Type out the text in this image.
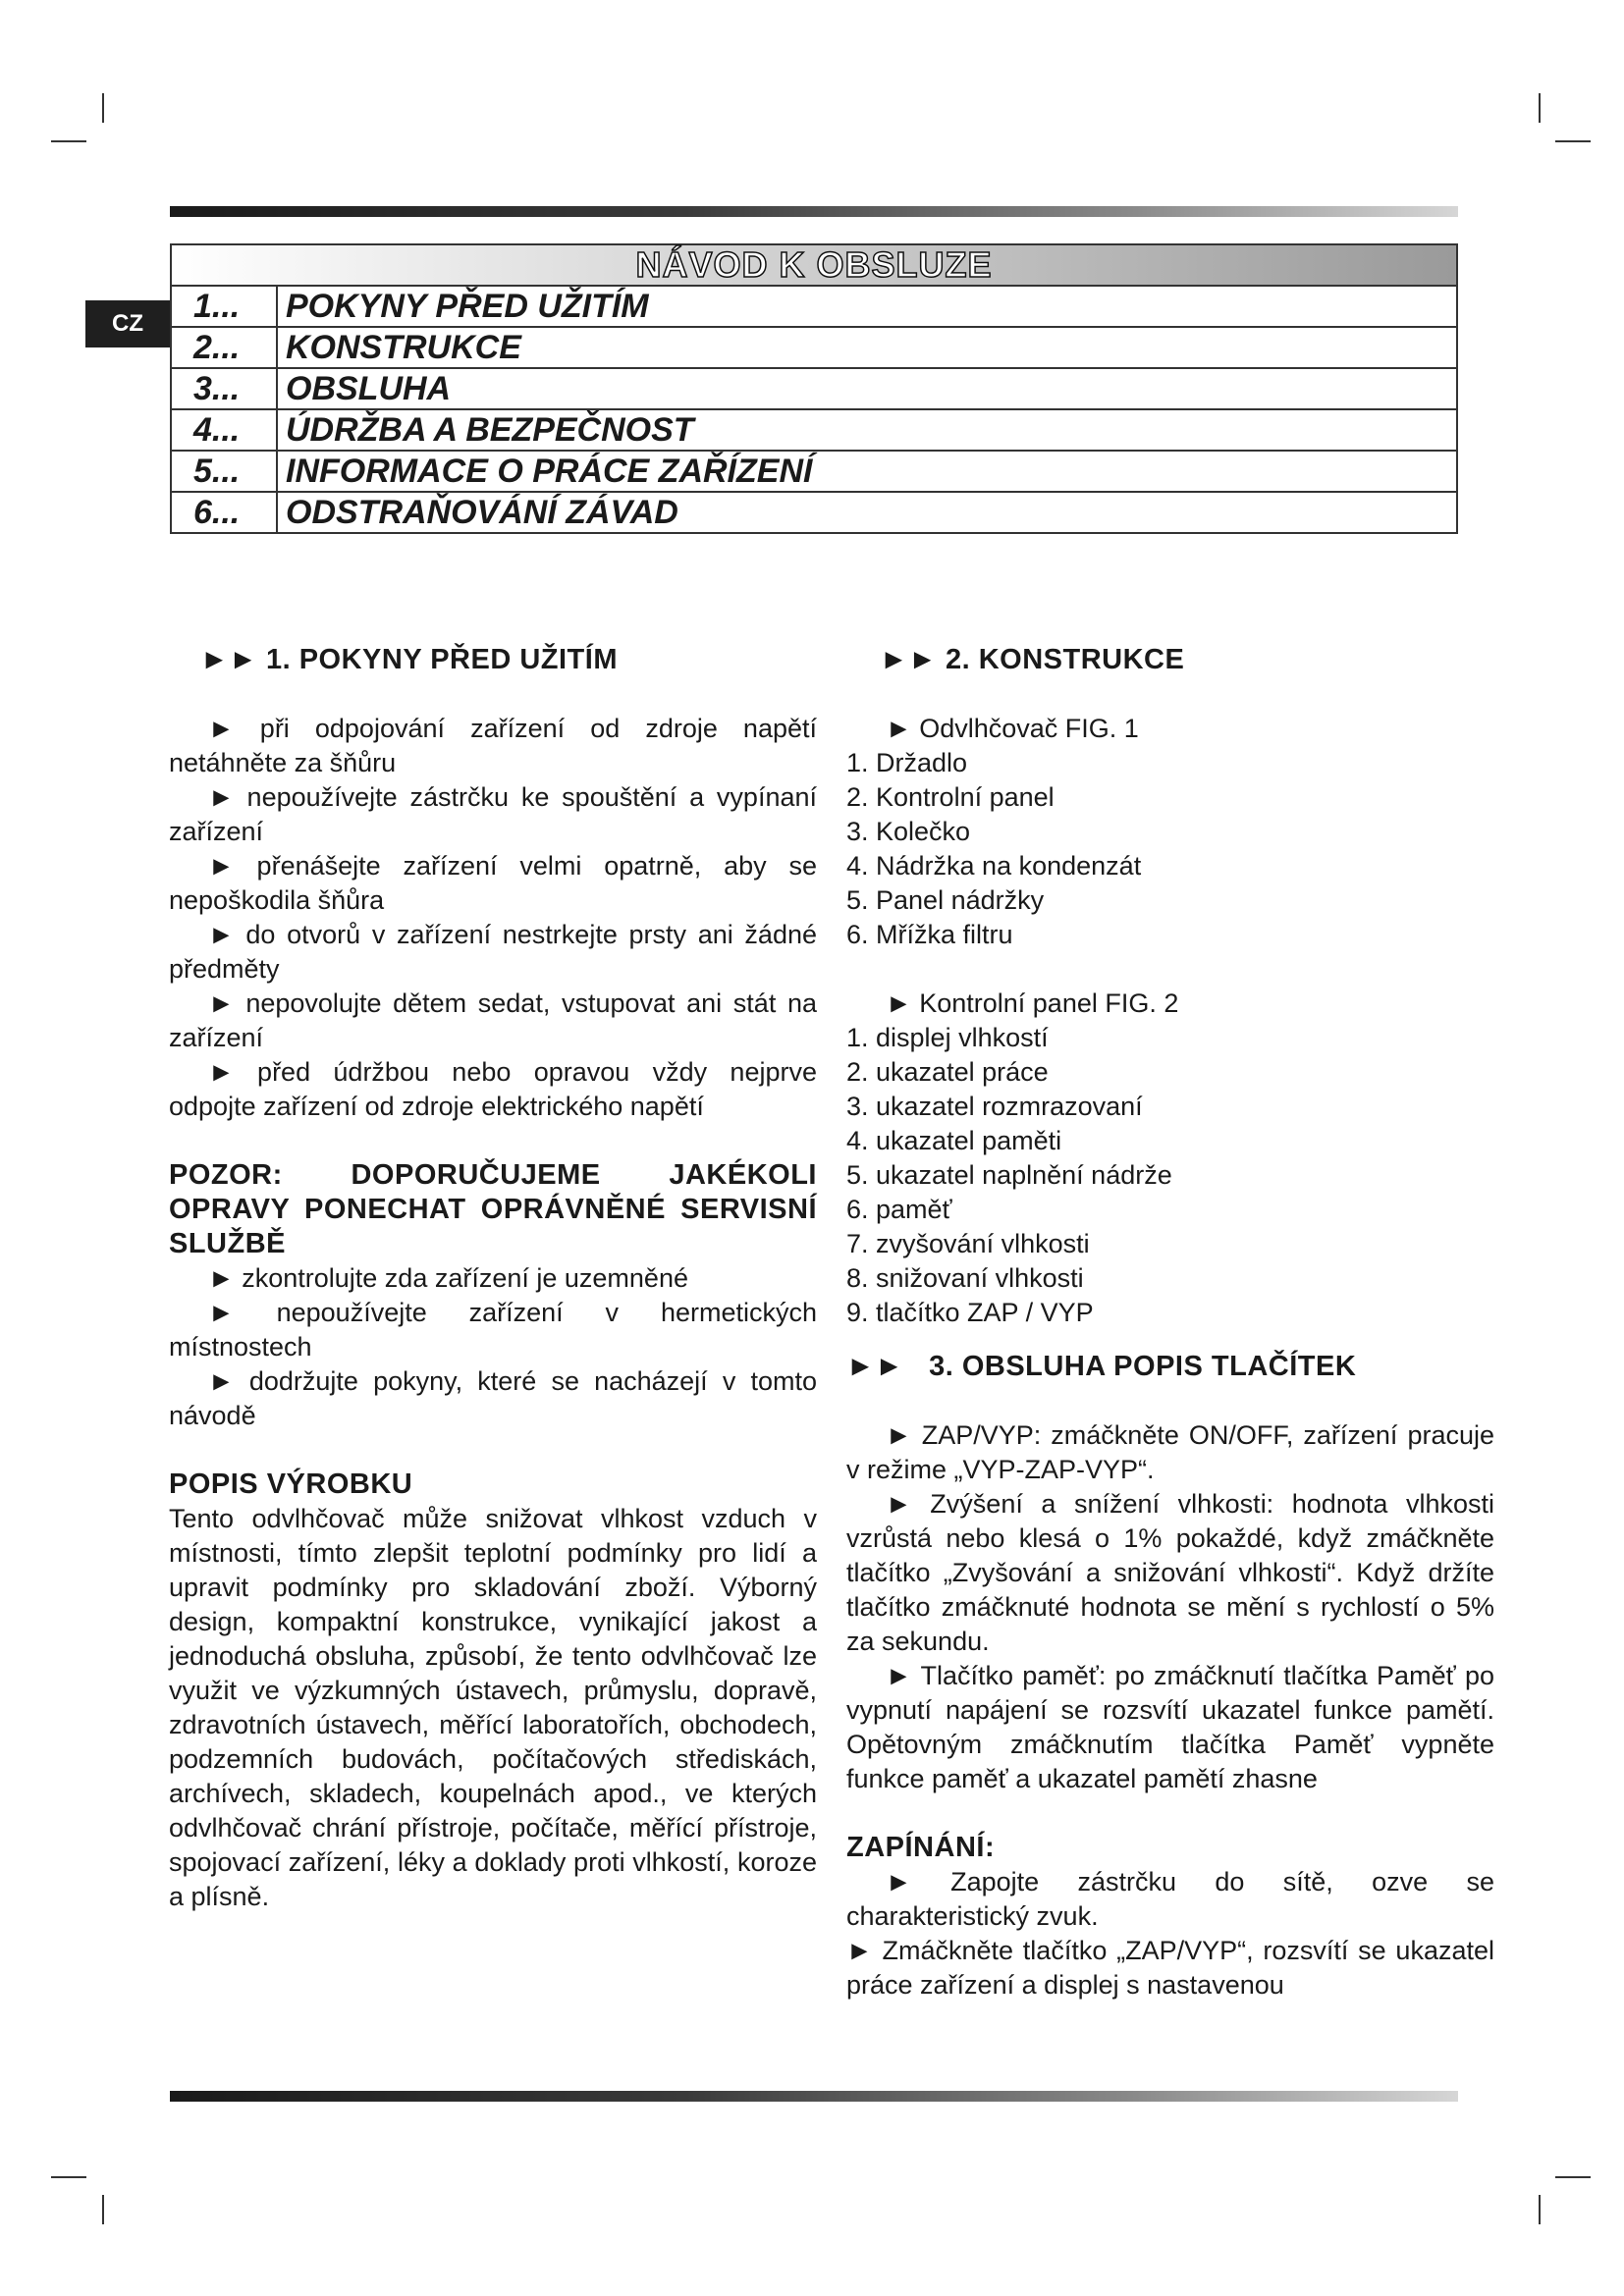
CZ
NÁVOD K OBSLUZE	
1...	POKYNY PŘED UŽITÍM
2...	KONSTRUKCE
3...	OBSLUHA
4...	ÚDRŽBA A BEZPEČNOST
5...	INFORMACE O PRÁCE ZAŘÍZENÍ
6...	ODSTRAŇOVÁNÍ ZÁVAD
►► 1. POKYNY PŘED UŽITÍM

► při odpojování zařízení od zdroje napětí netáhněte za šňůru

► nepoužívejte zástrčku ke spouštění a vypínaní zařízení

► přenášejte zařízení velmi opatrně, aby se nepoškodila šňůra

► do otvorů v zařízení nestrkejte prsty ani žádné předměty

► nepovolujte dětem sedat, vstupovat ani stát na zařízení

► před údržbou nebo opravou vždy nejprve odpojte zařízení od zdroje elektrického napětí

POZOR: DOPORUČUJEME JAKÉKOLI OPRAVY PONECHAT OPRÁVNĚNÉ SERVISNÍ SLUŽBĚ

► zkontrolujte zda zařízení je uzemněné

► nepoužívejte zařízení v hermetických místnostech

► dodržujte pokyny, které se nacházejí v tomto návodě

POPIS VÝROBKU

Tento odvlhčovač může snižovat vlhkost vzduch v místnosti, tímto zlepšit teplotní podmínky pro lidí a upravit podmínky pro skladování zboží. Výborný design, kompaktní konstrukce, vynikající jakost a jednoduchá obsluha, způsobí, že tento odvlhčovač lze využit ve výzkumných ústavech, průmyslu, dopravě, zdravotních ústavech, měřící laboratořích, obchodech, podzemních budovách, počítačových střediskách, archívech, skladech, koupelnách apod., ve kterých odvlhčovač chrání přístroje, počítače, měřící přístroje, spojovací zařízení, léky a doklady proti vlhkostí, koroze a plísně.

►► 2. KONSTRUKCE

► Odvlhčovač FIG. 1

1. Držadlo

2. Kontrolní panel

3. Kolečko

4. Nádržka na kondenzát

5. Panel nádržky

6. Mřížka filtru

► Kontrolní panel FIG. 2

1. displej vlhkostí

2. ukazatel práce

3. ukazatel rozmrazovaní

4. ukazatel paměti

5. ukazatel naplnění nádrže

6. paměť

7. zvyšování vlhkosti

8. snižovaní vlhkosti

9. tlačítko ZAP / VYP

►►   3. OBSLUHA POPIS TLAČÍTEK

► ZAP/VYP: zmáčkněte ON/OFF, zařízení pracuje v režime „VYP-ZAP-VYP“.

► Zvýšení a snížení vlhkosti: hodnota vlhkosti vzrůstá nebo klesá o 1% pokaždé, když zmáčkněte tlačítko „Zvyšování a snižování vlhkosti“. Když držíte tlačítko zmáčknuté hodnota se mění s rychlostí o 5% za sekundu.

► Tlačítko paměť: po zmáčknutí tlačítka Paměť po vypnutí napájení se rozsvítí ukazatel funkce pamětí. Opětovným zmáčknutím tlačítka Paměť vypněte funkce paměť a ukazatel pamětí zhasne

ZAPÍNÁNÍ:

► Zapojte zástrčku do sítě, ozve se charakteristický zvuk.

► Zmáčkněte tlačítko „ZAP/VYP“, rozsvítí se ukazatel práce zařízení a displej s nastavenou
